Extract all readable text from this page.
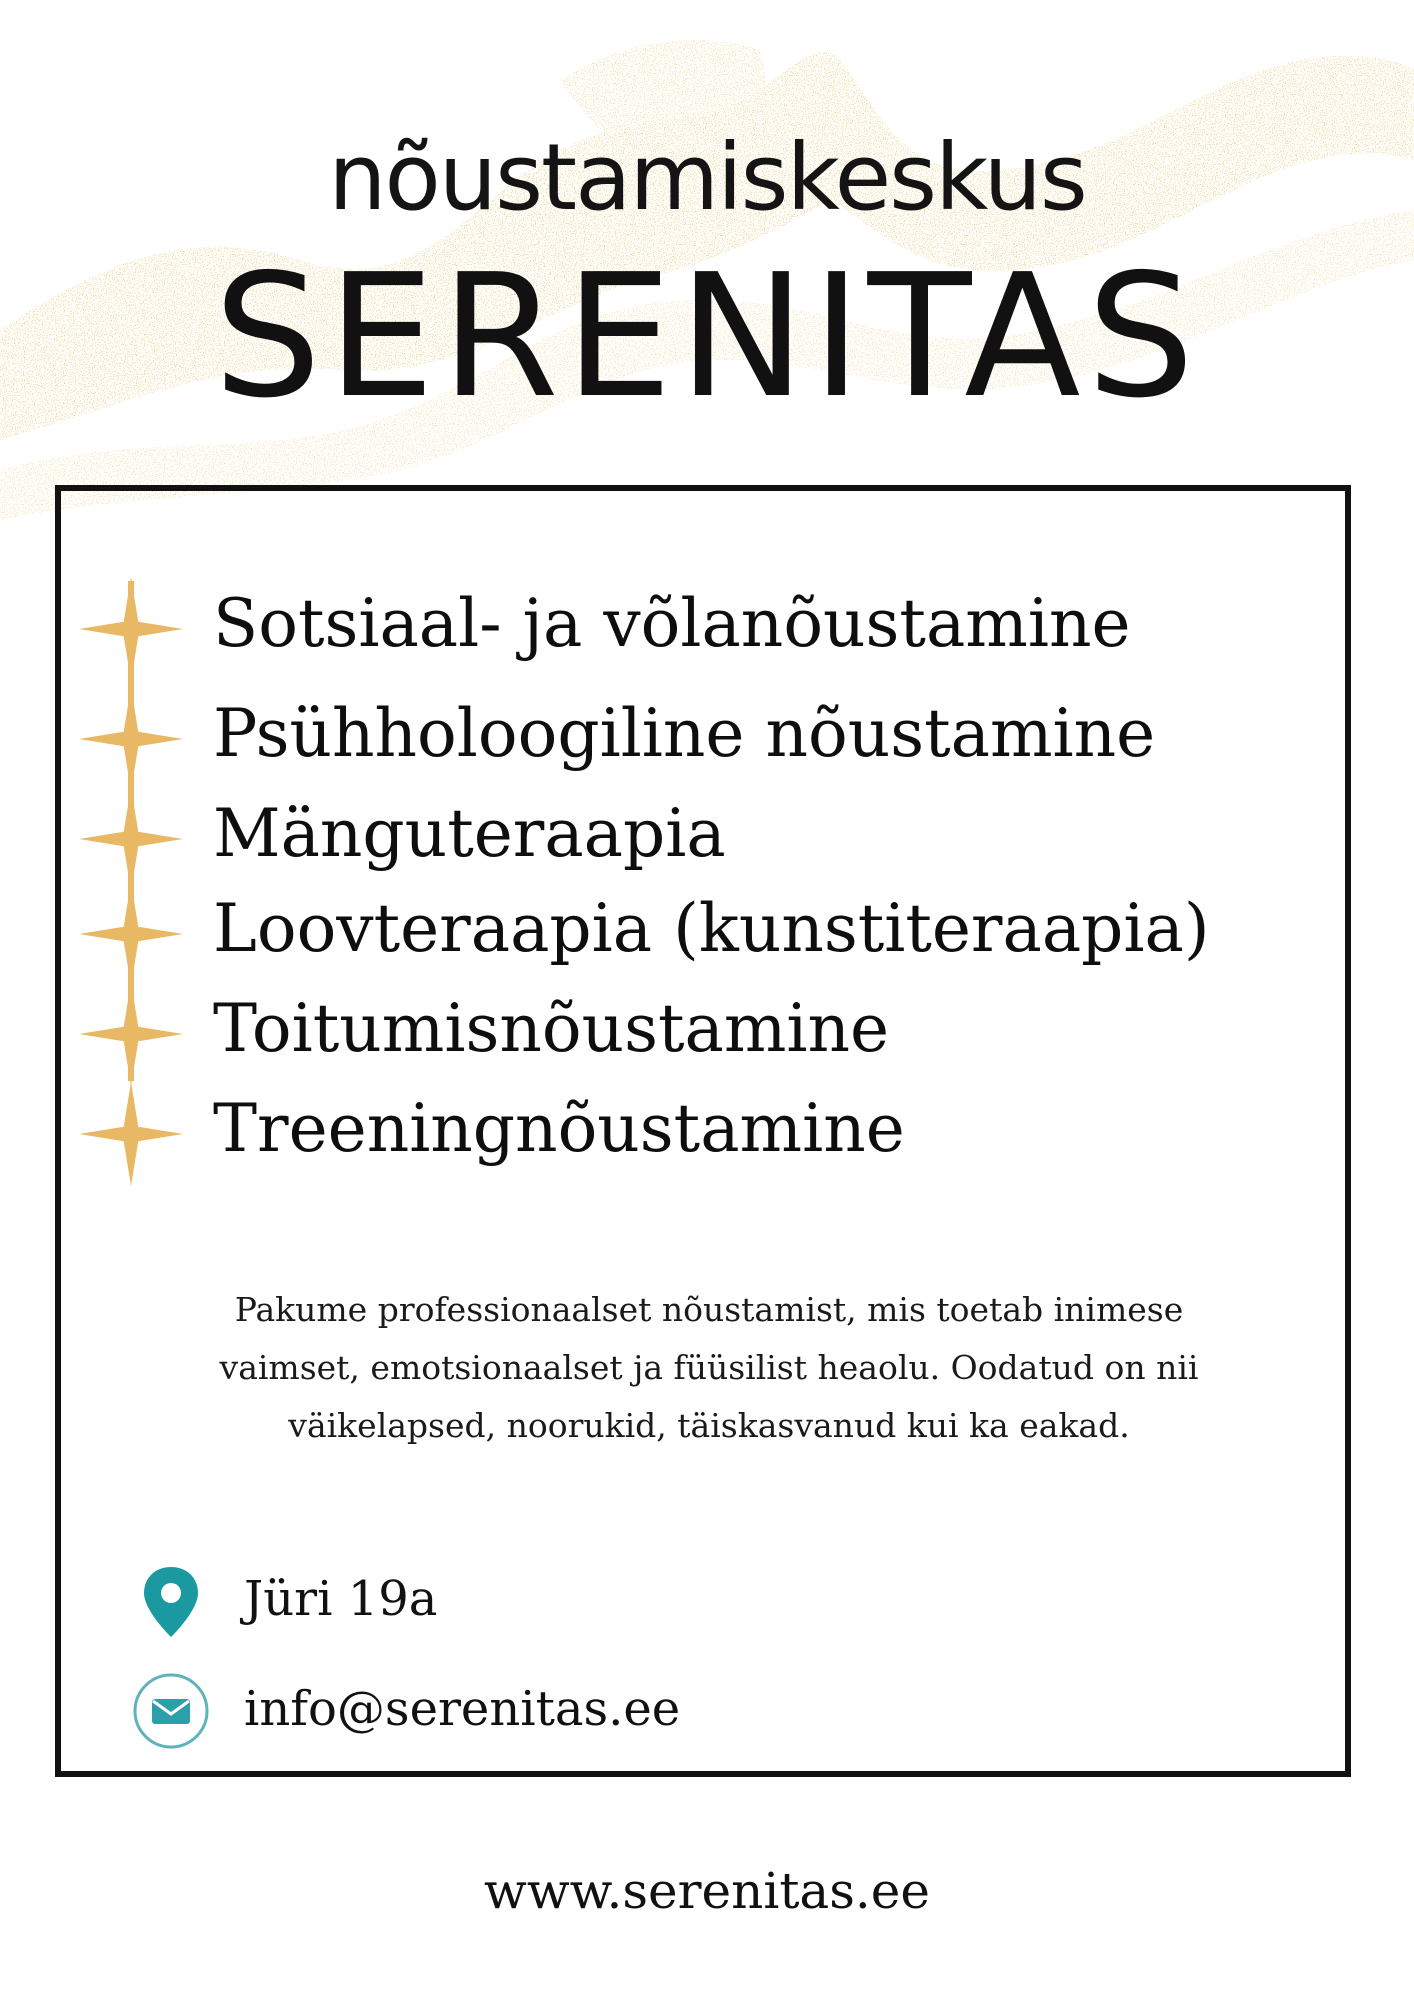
nõustamiskeskus
SERENITAS
Sotsiaal- ja võlanõustamine
Psühholoogiline nõustamine
Mänguteraapia
Loovteraapia (kunstiteraapia)
Toitumisnõustamine
Treeningnõustamine
Pakume professionaalset nõustamist, mis toetab inimese vaimset, emotsionaalset ja füüsilist heaolu. Oodatud on nii väikelapsed, noorukid, täiskasvanud kui ka eakad.
Jüri 19a
info@serenitas.ee
www.serenitas.ee
